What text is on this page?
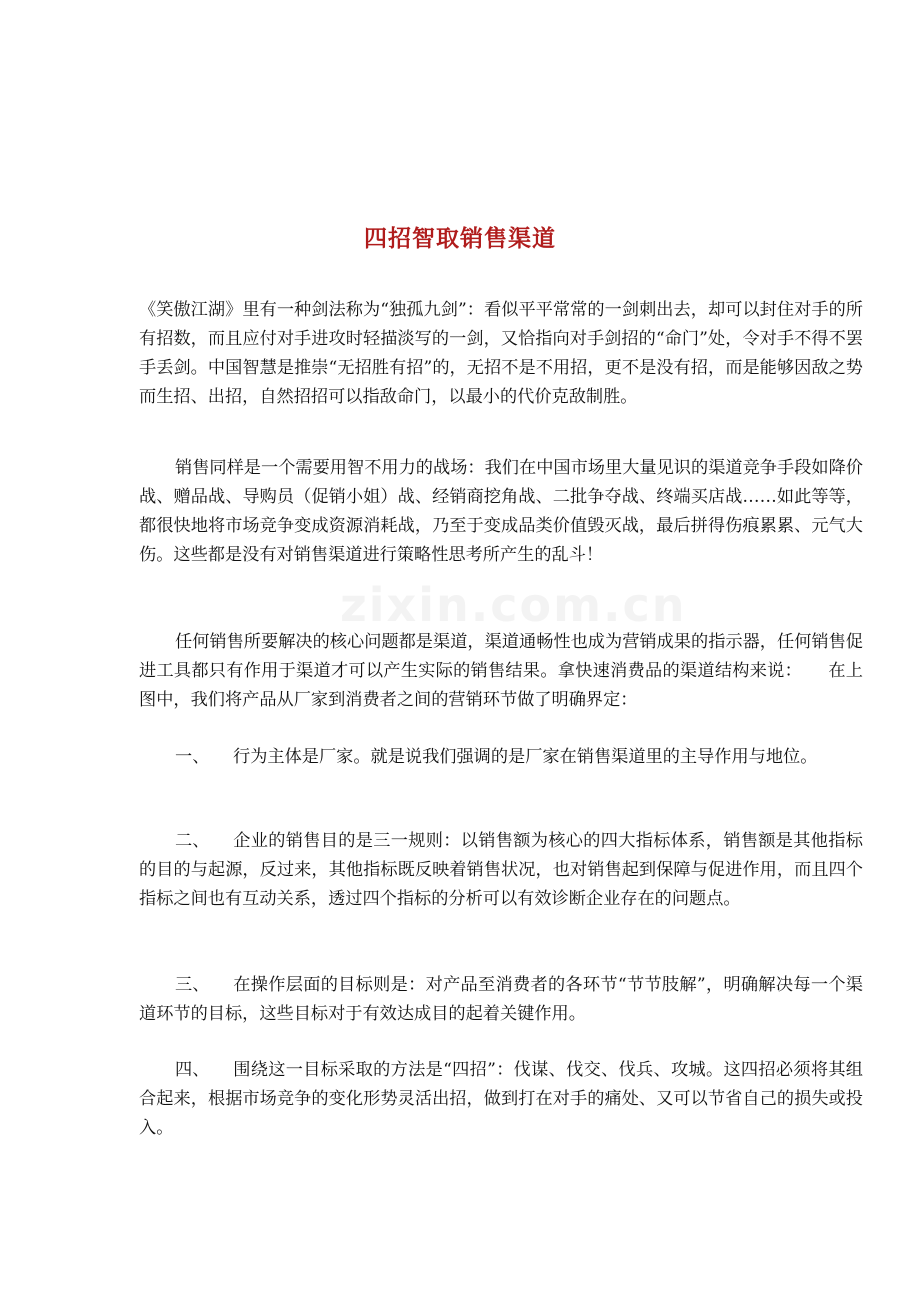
zixin.com.cn
四招智取销售渠道

《笑傲江湖》里有一种剑法称为“独孤九剑”：看似平平常常的一剑刺出去，却可以封住对手的所有招数，而且应付对手进攻时轻描淡写的一剑，又恰指向对手剑招的“命门”处，令对手不得不罢手丢剑。中国智慧是推崇“无招胜有招”的，无招不是不用招，更不是没有招，而是能够因敌之势而生招、出招，自然招招可以指敌命门，以最小的代价克敌制胜。

销售同样是一个需要用智不用力的战场：我们在中国市场里大量见识的渠道竞争手段如降价战、赠品战、导购员（促销小姐）战、经销商挖角战、二批争夺战、终端买店战……如此等等，都很快地将市场竞争变成资源消耗战，乃至于变成品类价值毁灭战，最后拼得伤痕累累、元气大伤。这些都是没有对销售渠道进行策略性思考所产生的乱斗！

任何销售所要解决的核心问题都是渠道，渠道通畅性也成为营销成果的指示器，任何销售促进工具都只有作用于渠道才可以产生实际的销售结果。拿快速消费品的渠道结构来说：　　在上图中，我们将产品从厂家到消费者之间的营销环节做了明确界定：

一、 行为主体是厂家。就是说我们强调的是厂家在销售渠道里的主导作用与地位。

二、 企业的销售目的是三一规则：以销售额为核心的四大指标体系，销售额是其他指标的目的与起源，反过来，其他指标既反映着销售状况，也对销售起到保障与促进作用，而且四个指标之间也有互动关系，透过四个指标的分析可以有效诊断企业存在的问题点。

三、 在操作层面的目标则是：对产品至消费者的各环节“节节肢解”，明确解决每一个渠道环节的目标，这些目标对于有效达成目的起着关键作用。

四、 围绕这一目标采取的方法是“四招”：伐谋、伐交、伐兵、攻城。这四招必须将其组合起来，根据市场竞争的变化形势灵活出招，做到打在对手的痛处、又可以节省自己的损失或投入。
